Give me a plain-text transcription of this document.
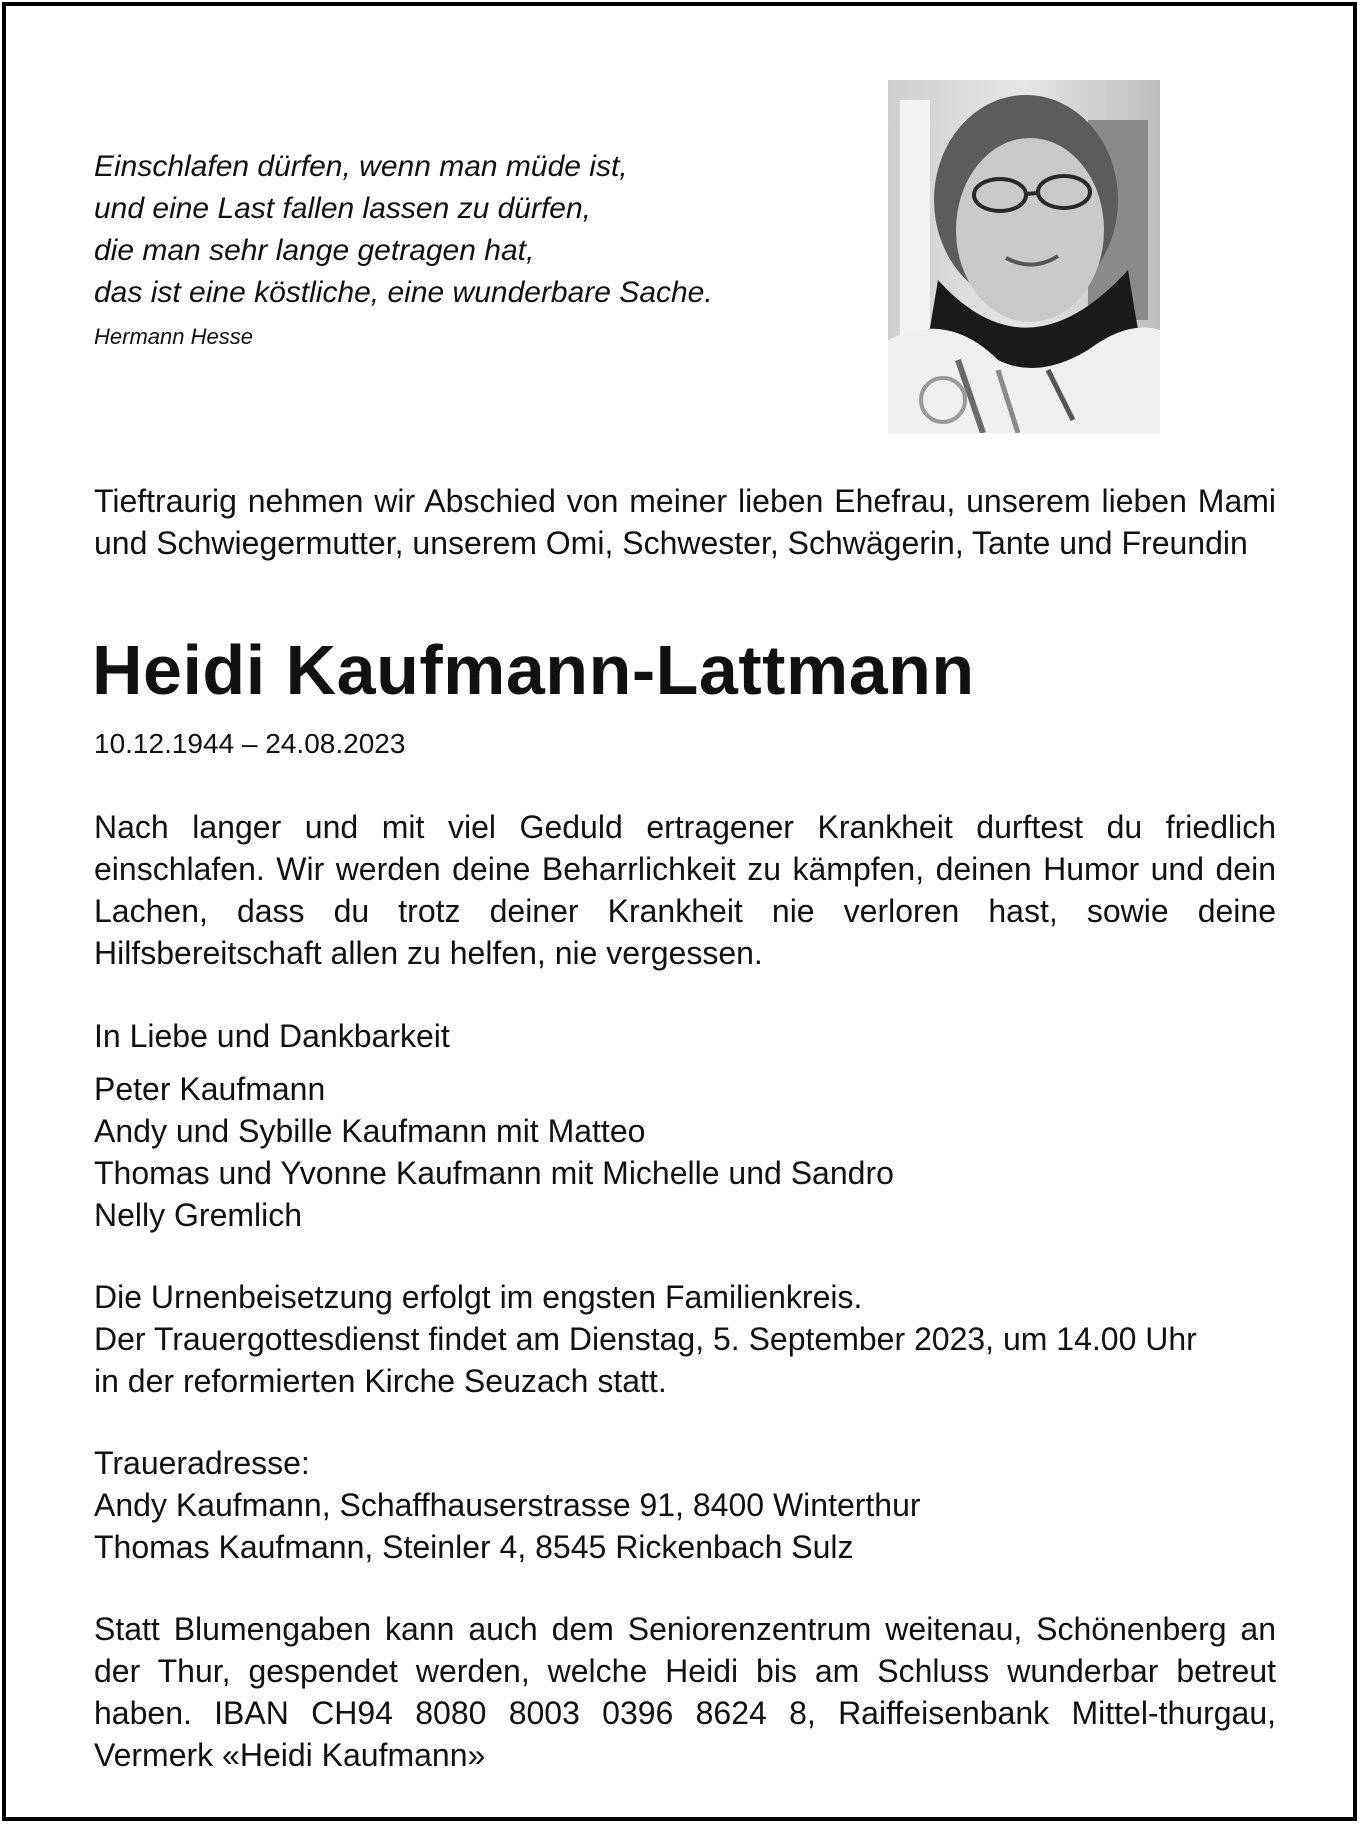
Einschlafen dürfen, wenn man müde ist,
und eine Last fallen lassen zu dürfen,
die man sehr lange getragen hat,
das ist eine köstliche, eine wunderbare Sache.
Hermann Hesse

Tieftraurig nehmen wir Abschied von meiner lieben Ehefrau, unserem lieben Mami und Schwiegermutter, unserem Omi, Schwester, Schwägerin, Tante und Freundin

Heidi Kaufmann-Lattmann
10.12.1944 – 24.08.2023

Nach langer und mit viel Geduld ertragener Krankheit durftest du friedlich einschlafen. Wir werden deine Beharrlichkeit zu kämpfen, deinen Humor und dein Lachen, dass du trotz deiner Krankheit nie verloren hast, sowie deine Hilfsbereitschaft allen zu helfen, nie vergessen.

In Liebe und Dankbarkeit
Peter Kaufmann
Andy und Sybille Kaufmann mit Matteo
Thomas und Yvonne Kaufmann mit Michelle und Sandro
Nelly Gremlich
Die Urnenbeisetzung erfolgt im engsten Familienkreis.
Der Trauergottesdienst findet am Dienstag, 5. September 2023, um 14.00 Uhr
in der reformierten Kirche Seuzach statt.
Traueradresse:
Andy Kaufmann, Schaffhauserstrasse 91, 8400 Winterthur
Thomas Kaufmann, Steinler 4, 8545 Rickenbach Sulz

Statt Blumengaben kann auch dem Seniorenzentrum weitenau, Schönenberg an der Thur, gespendet werden, welche Heidi bis am Schluss wunderbar betreut haben. IBAN CH94 8080 8003 0396 8624 8, Raiffeisenbank Mittel-thurgau, Vermerk «Heidi Kaufmann»
